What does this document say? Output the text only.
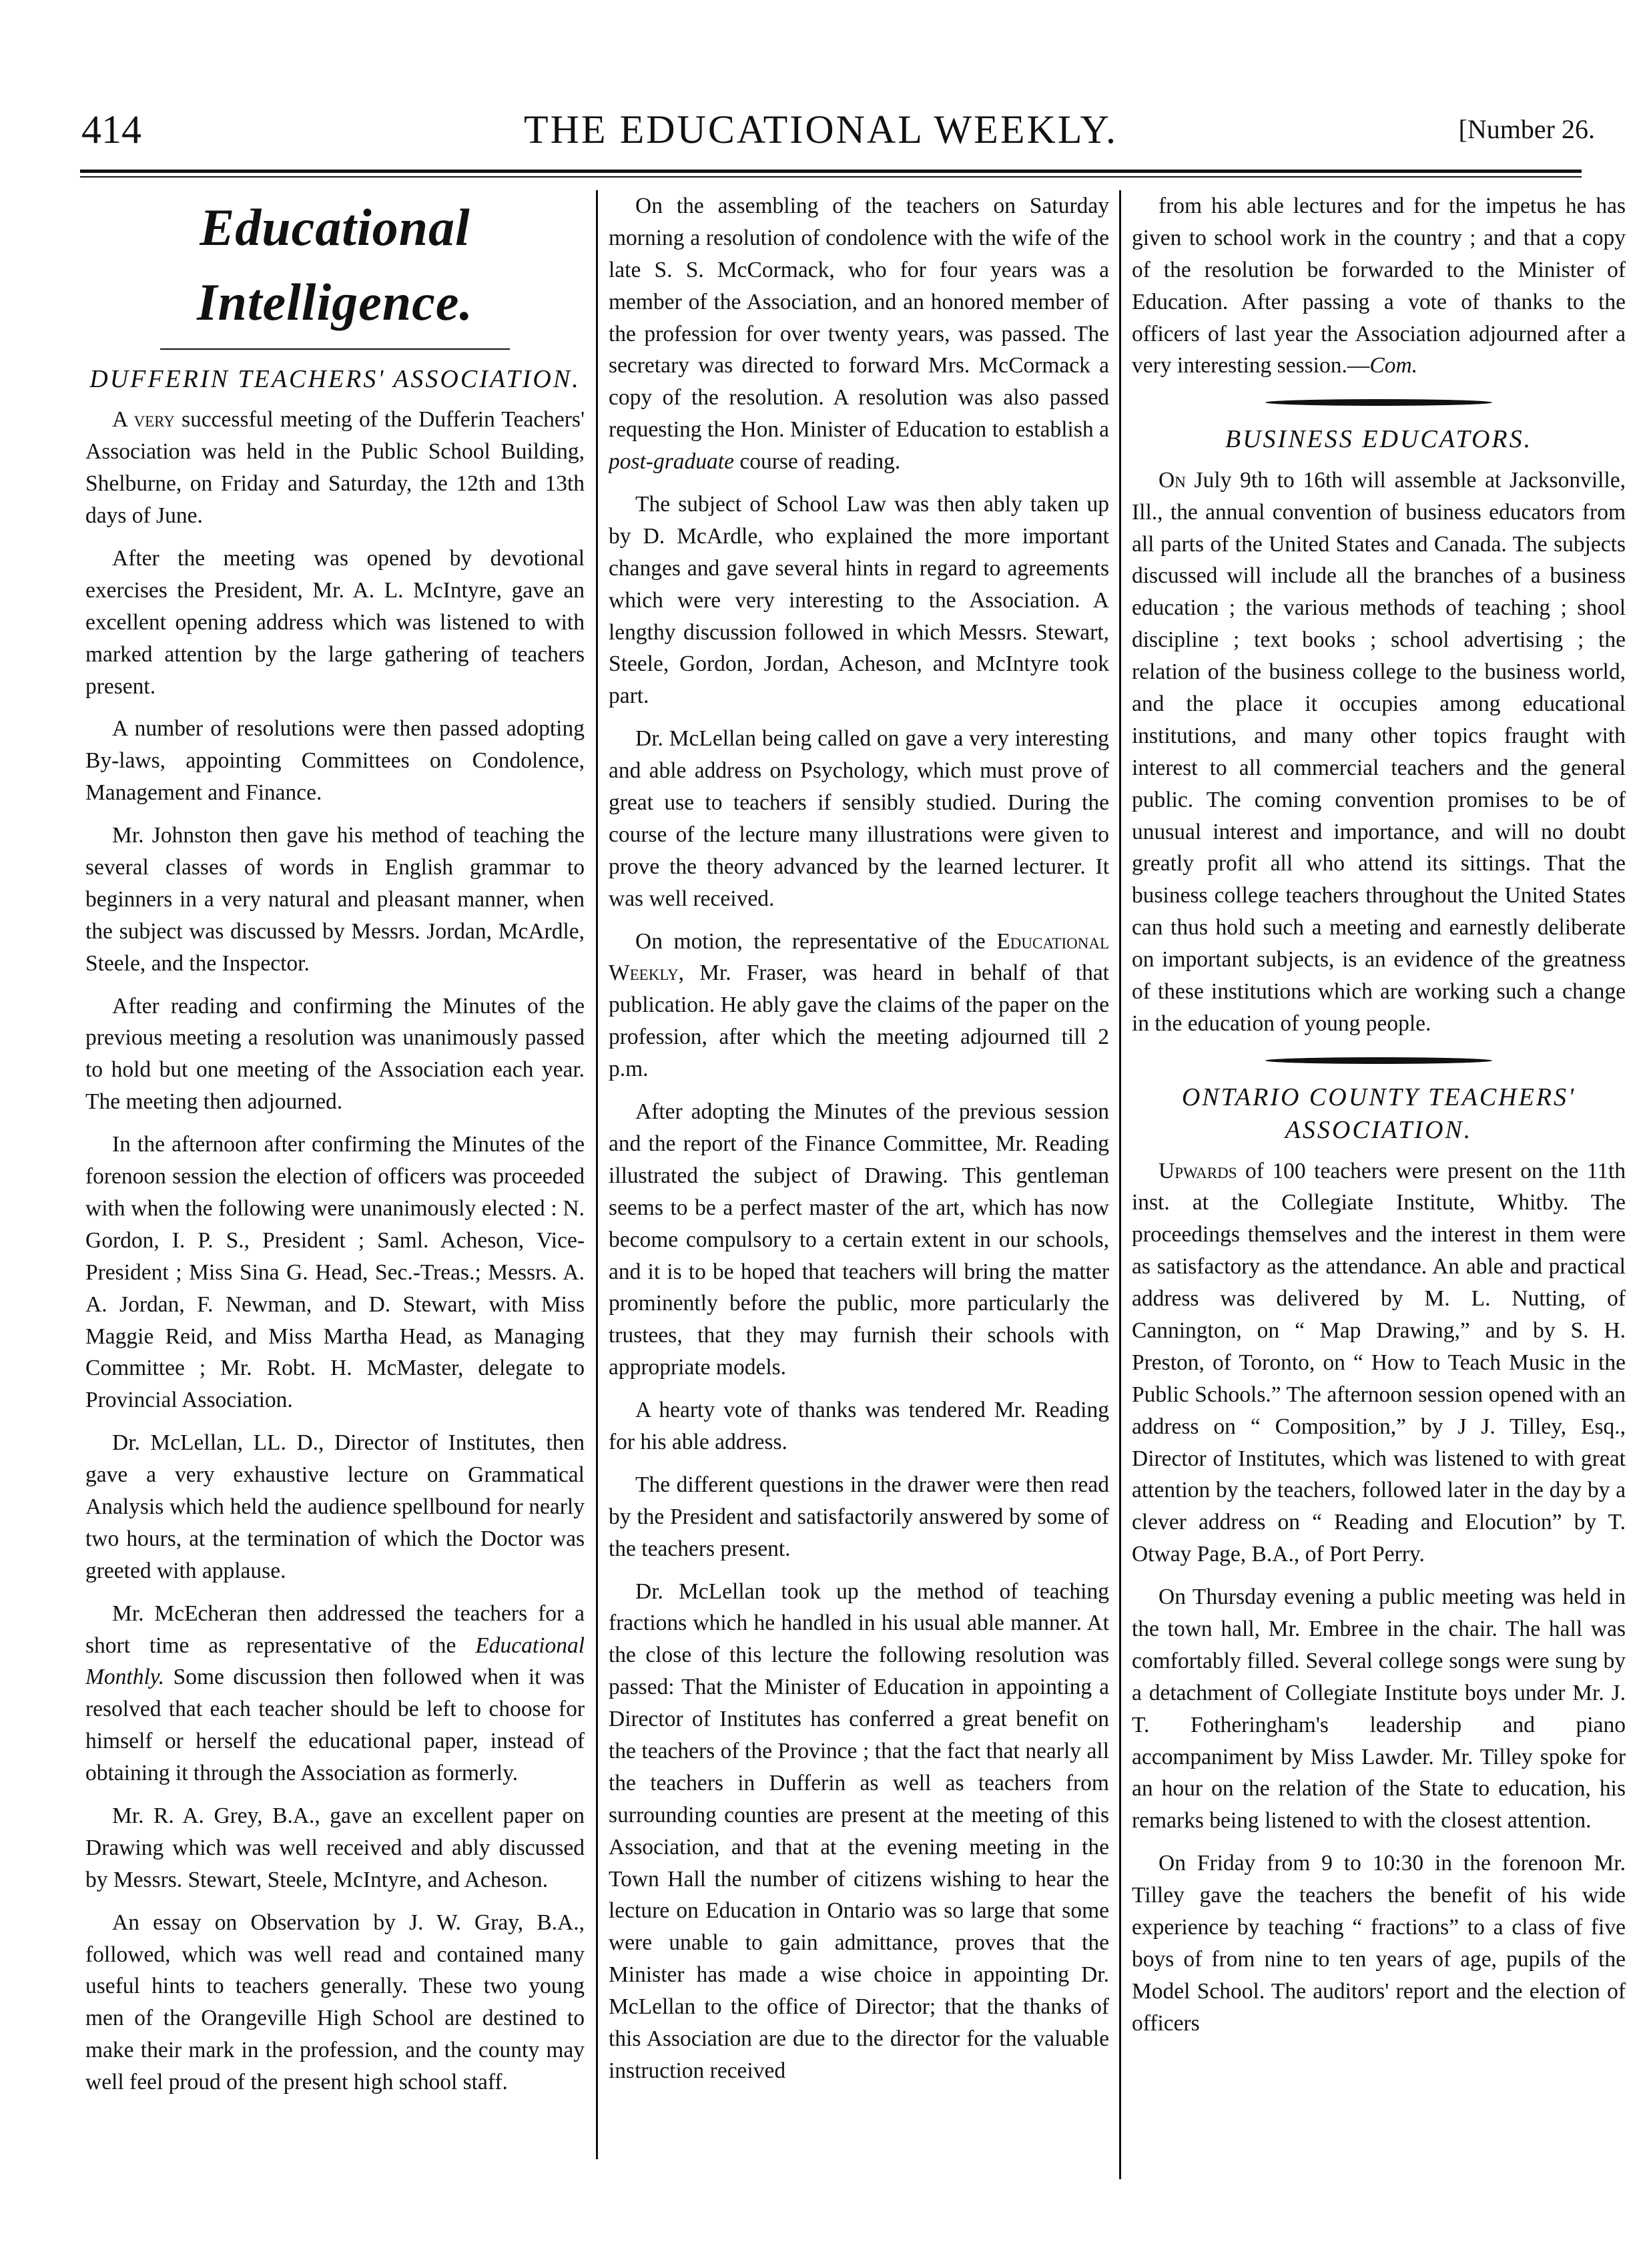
414	THE EDUCATIONAL WEEKLY.	[Number 26.
Educational Intelligence.
DUFFERIN TEACHERS' ASSOCIATION.

A very successful meeting of the Dufferin Teachers' Association was held in the Public School Building, Shelburne, on Friday and Saturday, the 12th and 13th days of June.

After the meeting was opened by devotional exercises the President, Mr. A. L. McIntyre, gave an excellent opening address which was listened to with marked attention by the large gathering of teachers present.

A number of resolutions were then passed adopting By-laws, appointing Committees on Condolence, Management and Finance.

Mr. Johnston then gave his method of teaching the several classes of words in English grammar to beginners in a very natural and pleasant manner, when the subject was discussed by Messrs. Jordan, McArdle, Steele, and the Inspector.

After reading and confirming the Minutes of the previous meeting a resolution was unanimously passed to hold but one meeting of the Association each year. The meeting then adjourned.

In the afternoon after confirming the Minutes of the forenoon session the election of officers was proceeded with when the following were unanimously elected : N. Gordon, I. P. S., President ; Saml. Acheson, Vice-President ; Miss Sina G. Head, Sec.-Treas.; Messrs. A. A. Jordan, F. Newman, and D. Stewart, with Miss Maggie Reid, and Miss Martha Head, as Managing Committee ; Mr. Robt. H. McMaster, delegate to Provincial Association.

Dr. McLellan, LL. D., Director of Institutes, then gave a very exhaustive lecture on Grammatical Analysis which held the audience spellbound for nearly two hours, at the termination of which the Doctor was greeted with applause.

Mr. McEcheran then addressed the teachers for a short time as representative of the Educational Monthly. Some discussion then followed when it was resolved that each teacher should be left to choose for himself or herself the educational paper, instead of obtaining it through the Association as formerly.

Mr. R. A. Grey, B.A., gave an excellent paper on Drawing which was well received and ably discussed by Messrs. Stewart, Steele, McIntyre, and Acheson.

An essay on Observation by J. W. Gray, B.A., followed, which was well read and contained many useful hints to teachers generally. These two young men of the Orangeville High School are destined to make their mark in the profession, and the county may well feel proud of the present high school staff.

On the assembling of the teachers on Saturday morning a resolution of condolence with the wife of the late S. S. McCormack, who for four years was a member of the Association, and an honored member of the profession for over twenty years, was passed. The secretary was directed to forward Mrs. McCormack a copy of the resolution. A resolution was also passed requesting the Hon. Minister of Education to establish a post-graduate course of reading.

The subject of School Law was then ably taken up by D. McArdle, who explained the more important changes and gave several hints in regard to agreements which were very interesting to the Association. A lengthy discussion followed in which Messrs. Stewart, Steele, Gordon, Jordan, Acheson, and McIntyre took part.

Dr. McLellan being called on gave a very interesting and able address on Psychology, which must prove of great use to teachers if sensibly studied. During the course of the lecture many illustrations were given to prove the theory advanced by the learned lecturer. It was well received.

On motion, the representative of the Educational Weekly, Mr. Fraser, was heard in behalf of that publication. He ably gave the claims of the paper on the profession, after which the meeting adjourned till 2 p.m.

After adopting the Minutes of the previous session and the report of the Finance Committee, Mr. Reading illustrated the subject of Drawing. This gentleman seems to be a perfect master of the art, which has now become compulsory to a certain extent in our schools, and it is to be hoped that teachers will bring the matter prominently before the public, more particularly the trustees, that they may furnish their schools with appropriate models.

A hearty vote of thanks was tendered Mr. Reading for his able address.

The different questions in the drawer were then read by the President and satisfactorily answered by some of the teachers present.

Dr. McLellan took up the method of teaching fractions which he handled in his usual able manner. At the close of this lecture the following resolution was passed: That the Minister of Education in appointing a Director of Institutes has conferred a great benefit on the teachers of the Province ; that the fact that nearly all the teachers in Dufferin as well as teachers from surrounding counties are present at the meeting of this Association, and that at the evening meeting in the Town Hall the number of citizens wishing to hear the lecture on Education in Ontario was so large that some were unable to gain admittance, proves that the Minister has made a wise choice in appointing Dr. McLellan to the office of Director; that the thanks of this Association are due to the director for the valuable instruction received

from his able lectures and for the impetus he has given to school work in the country ; and that a copy of the resolution be forwarded to the Minister of Education. After passing a vote of thanks to the officers of last year the Association adjourned after a very interesting session.—Com.

BUSINESS EDUCATORS.

On July 9th to 16th will assemble at Jacksonville, Ill., the annual convention of business educators from all parts of the United States and Canada. The subjects discussed will include all the branches of a business education ; the various methods of teaching ; shool discipline ; text books ; school advertising ; the relation of the business college to the business world, and the place it occupies among educational institutions, and many other topics fraught with interest to all commercial teachers and the general public. The coming convention promises to be of unusual interest and importance, and will no doubt greatly profit all who attend its sittings. That the business college teachers throughout the United States can thus hold such a meeting and earnestly deliberate on important subjects, is an evidence of the greatness of these institutions which are working such a change in the education of young people.

ONTARIO COUNTY TEACHERS' ASSOCIATION.

Upwards of 100 teachers were present on the 11th inst. at the Collegiate Institute, Whitby. The proceedings themselves and the interest in them were as satisfactory as the attendance. An able and practical address was delivered by M. L. Nutting, of Cannington, on “ Map Drawing,” and by S. H. Preston, of Toronto, on “ How to Teach Music in the Public Schools.” The afternoon session opened with an address on “ Composition,” by J J. Tilley, Esq., Director of Institutes, which was listened to with great attention by the teachers, followed later in the day by a clever address on “ Reading and Elocution” by T. Otway Page, B.A., of Port Perry.

On Thursday evening a public meeting was held in the town hall, Mr. Embree in the chair. The hall was comfortably filled. Several college songs were sung by a detachment of Collegiate Institute boys under Mr. J. T. Fotheringham's leadership and piano accompaniment by Miss Lawder. Mr. Tilley spoke for an hour on the relation of the State to education, his remarks being listened to with the closest attention.

On Friday from 9 to 10:30 in the forenoon Mr. Tilley gave the teachers the benefit of his wide experience by teaching “ fractions” to a class of five boys of from nine to ten years of age, pupils of the Model School. The auditors' report and the election of officers
